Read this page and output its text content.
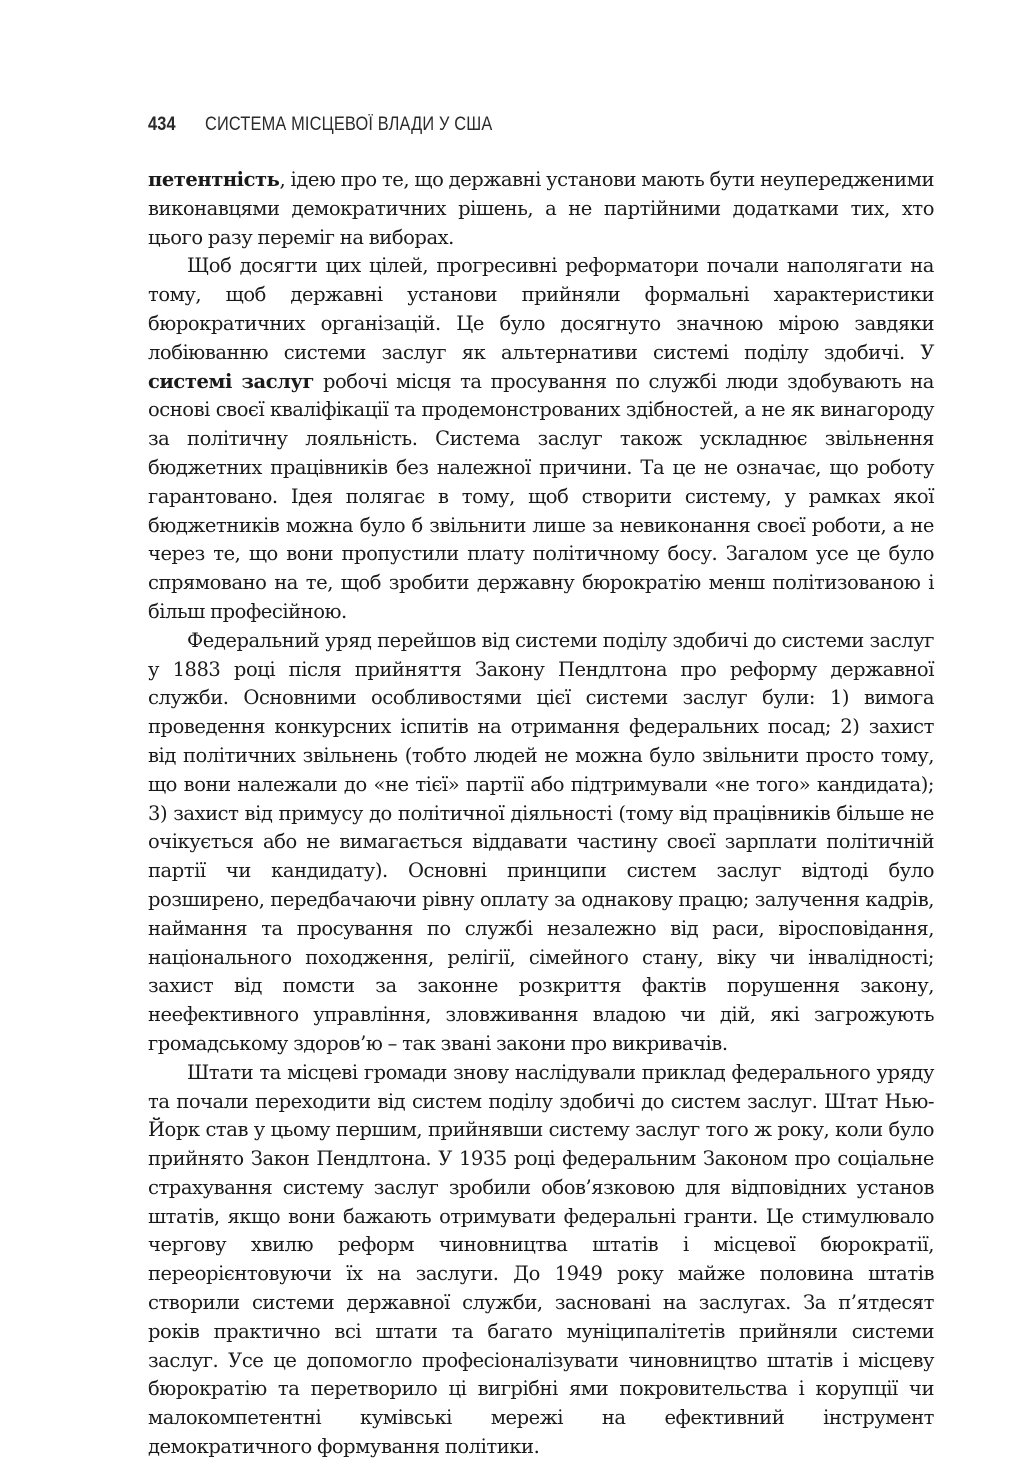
434 СИСТЕМА МІСЦЕВОЇ ВЛАДИ У США

петентність, ідею про те, що державні установи мають бути неупередженими виконавцями демократичних рішень, а не партійними додатками тих, хто цього разу переміг на виборах.

Щоб досягти цих цілей, прогресивні реформатори почали наполягати на тому, щоб державні установи прийняли формальні характеристики бюрократичних організацій. Це було досягнуто значною мірою завдяки лобіюванню системи заслуг як альтернативи системі поділу здобичі. У системі заслуг робочі місця та просування по службі люди здобувають на основі своєї кваліфікації та продемонстрованих здібностей, а не як винагороду за політичну лояльність. Система заслуг також ускладнює звільнення бюджетних працівників без належної причини. Та це не означає, що роботу гарантовано. Ідея полягає в тому, щоб створити систему, у рамках якої бюджетників можна було б звільнити лише за невиконання своєї роботи, а не через те, що вони пропустили плату політичному босу. Загалом усе це було спрямовано на те, щоб зробити державну бюрократію менш політизованою і більш професійною.

Федеральний уряд перейшов від системи поділу здобичі до системи заслуг у 1883 році після прийняття Закону Пендлтона про реформу державної служби. Основними особливостями цієї системи заслуг були: 1) вимога проведення конкурсних іспитів на отримання федеральних посад; 2) захист від політичних звільнень (тобто людей не можна було звільнити просто тому, що вони належали до «не тієї» партії або підтримували «не того» кандидата); 3) захист від примусу до політичної діяльності (тому від працівників більше не очікується або не вимагається віддавати частину своєї зарплати політичній партії чи кандидату). Основні принципи систем заслуг відтоді було розширено, передбачаючи рівну оплату за однакову працю; залучення кадрів, наймання та просування по службі незалежно від раси, віросповідання, національного походження, релігії, сімейного стану, віку чи інвалідності; захист від помсти за законне розкриття фактів порушення закону, неефективного управління, зловживання владою чи дій, які загрожують громадському здоров’ю – так звані закони про викривачів.

Штати та місцеві громади знову наслідували приклад федерального уряду та почали переходити від систем поділу здобичі до систем заслуг. Штат Нью-Йорк став у цьому першим, прийнявши систему заслуг того ж року, коли було прийнято Закон Пендлтона. У 1935 році федеральним Законом про соціальне страхування систему заслуг зробили обов’язковою для відповідних установ штатів, якщо вони бажають отримувати федеральні гранти. Це стимулювало чергову хвилю реформ чиновництва штатів і місцевої бюрократії, переорієнтовуючи їх на заслуги. До 1949 року майже половина штатів створили системи державної служби, засновані на заслугах. За п’ятдесят років практично всі штати та багато муніципалітетів прийняли системи заслуг. Усе це допомогло професіоналізувати чиновництво штатів і місцеву бюрократію та перетворило ці вигрібні ями покровительства і корупції чи малокомпетентні кумівські мережі на ефективний інструмент демократичного формування політики.
